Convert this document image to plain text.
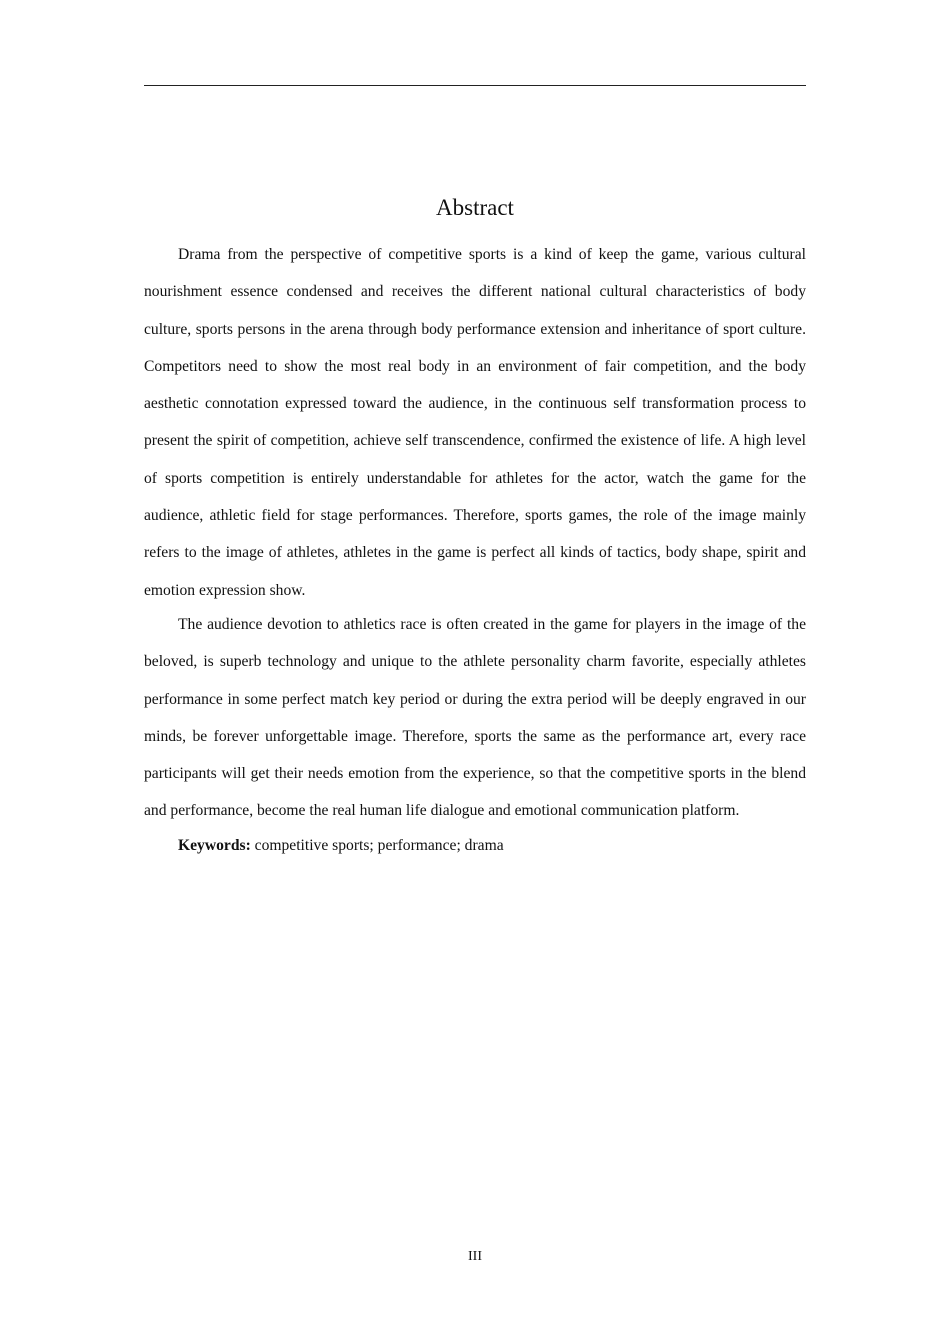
Abstract

Drama from the perspective of competitive sports is a kind of keep the game, various cultural nourishment essence condensed and receives the different national cultural characteristics of body culture, sports persons in the arena through body performance extension and inheritance of sport culture. Competitors need to show the most real body in an environment of fair competition, and the body aesthetic connotation expressed toward the audience, in the continuous self transformation process to present the spirit of competition, achieve self transcendence, confirmed the existence of life. A high level of sports competition is entirely understandable for athletes for the actor, watch the game for the audience, athletic field for stage performances. Therefore, sports games, the role of the image mainly refers to the image of athletes, athletes in the game is perfect all kinds of tactics, body shape, spirit and emotion expression show.

The audience devotion to athletics race is often created in the game for players in the image of the beloved, is superb technology and unique to the athlete personality charm favorite, especially athletes performance in some perfect match key period or during the extra period will be deeply engraved in our minds, be forever unforgettable image. Therefore, sports the same as the performance art, every race participants will get their needs emotion from the experience, so that the competitive sports in the blend and performance, become the real human life dialogue and emotional communication platform.

Keywords: competitive sports; performance; drama

III
